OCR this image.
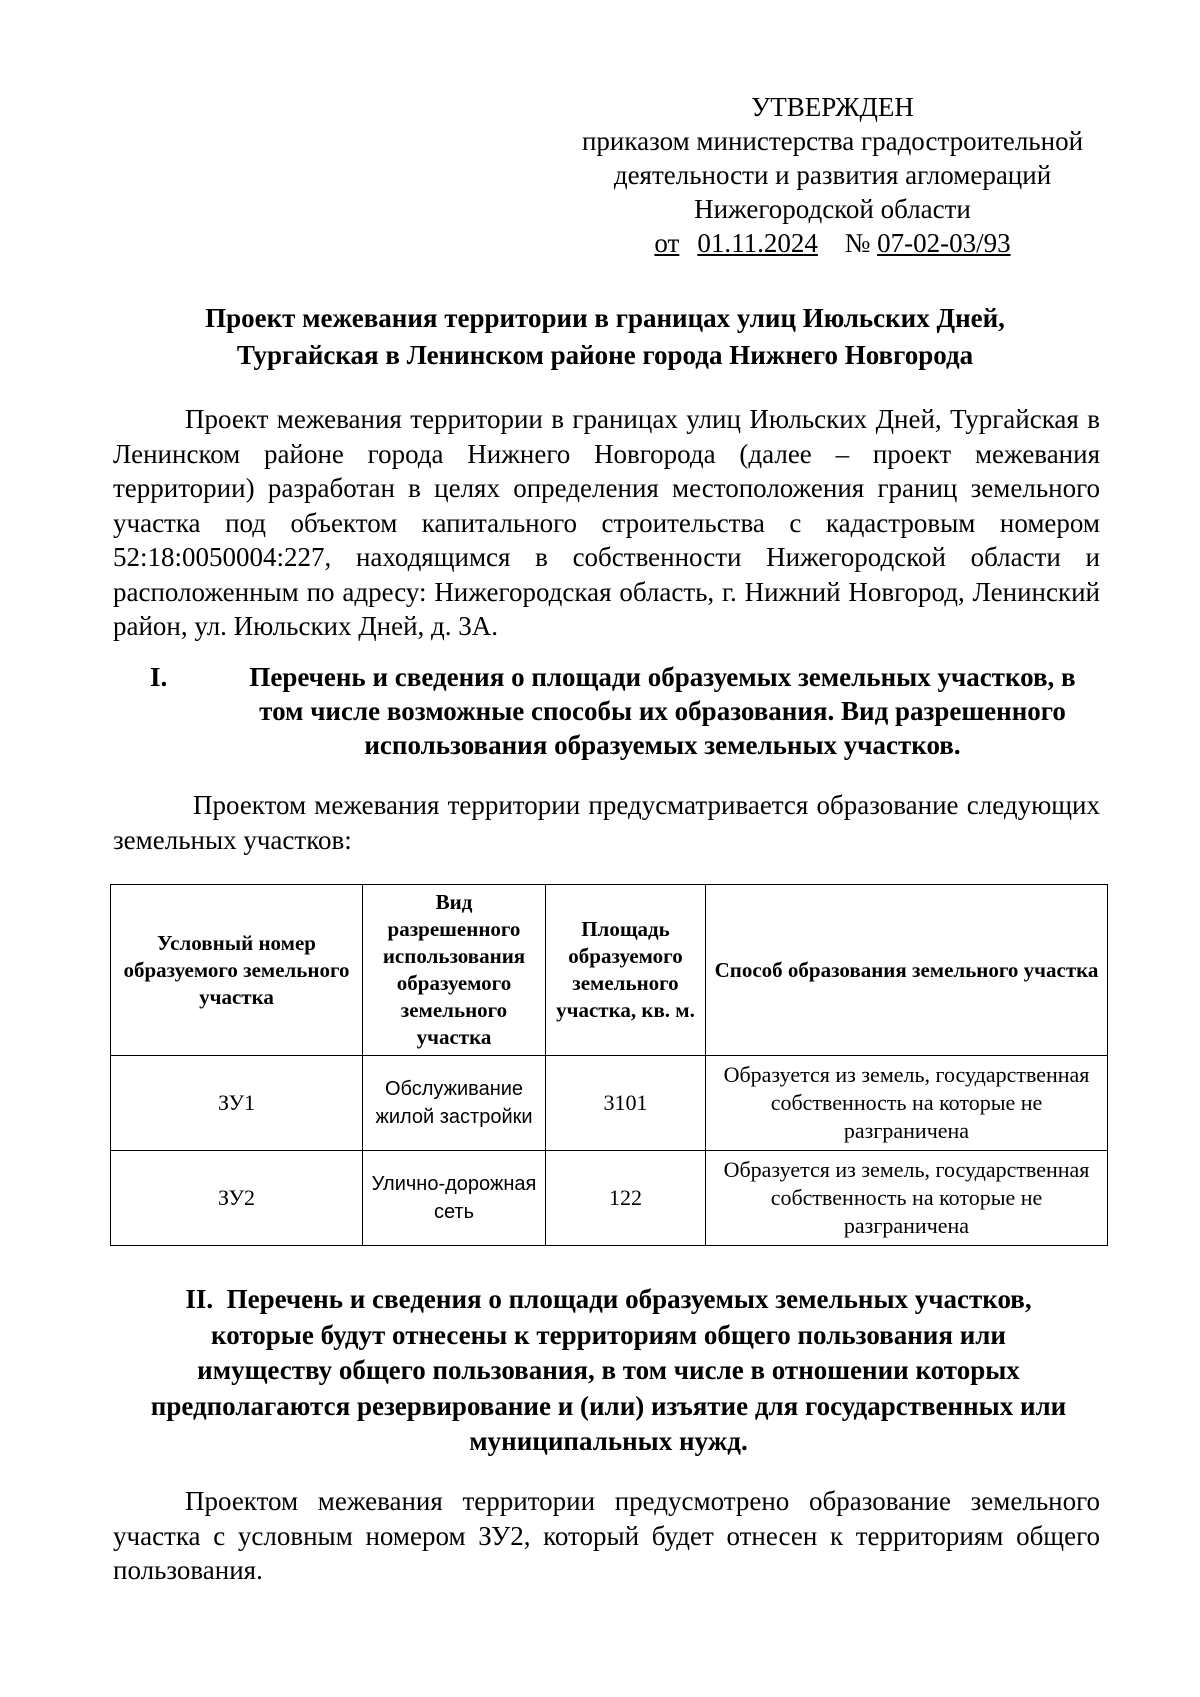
УТВЕРЖДЕН
приказом министерства градостроительной
деятельности и развития агломераций
Нижегородской области
от 01.11.2024 № 07-02-03/93
Проект межевания территории в границах улиц Июльских Дней,
Тургайская в Ленинском районе города Нижнего Новгорода
Проект межевания территории в границах улиц Июльских Дней, Тургайская в Ленинском районе города Нижнего Новгорода (далее – проект межевания территории) разработан в целях определения местоположения границ земельного участка под объектом капитального строительства с кадастровым номером 52:18:0050004:227, находящимся в собственности Нижегородской области и расположенным по адресу: Нижегородская область, г. Нижний Новгород, Ленинский район, ул. Июльских Дней, д. 3А.
I.	Перечень и сведения о площади образуемых земельных участков, в
том числе возможные способы их образования. Вид разрешенного
использования образуемых земельных участков.
Проектом межевания территории предусматривается образование следующих земельных участков:
Условный номер образуемого земельного участка	Вид разрешенного использования образуемого земельного участка	Площадь образуемого земельного участка, кв. м.	Способ образования земельного участка
ЗУ1	Обслуживание жилой застройки	3101	Образуется из земель, государственная собственность на которые не разграничена
ЗУ2	Улично-дорожная сеть	122	Образуется из земель, государственная собственность на которые не разграничена
II. Перечень и сведения о площади образуемых земельных участков,
которые будут отнесены к территориям общего пользования или
имуществу общего пользования, в том числе в отношении которых
предполагаются резервирование и (или) изъятие для государственных или
муниципальных нужд.
Проектом межевания территории предусмотрено образование земельного участка с условным номером ЗУ2, который будет отнесен к территориям общего пользования.
